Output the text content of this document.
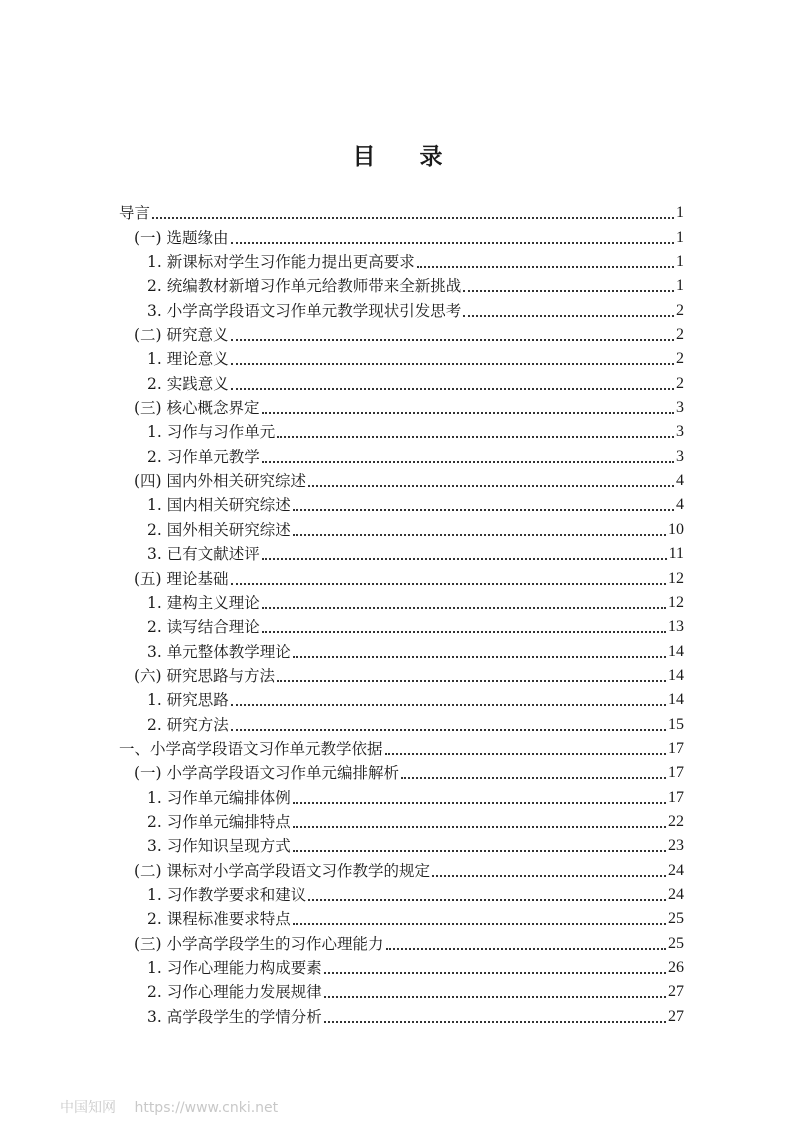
目 录
导言	1
(一) 选题缘由	1
1. 新课标对学生习作能力提出更高要求	1
2. 统编教材新增习作单元给教师带来全新挑战	1
3. 小学高学段语文习作单元教学现状引发思考	2
(二) 研究意义	2
1. 理论意义	2
2. 实践意义	2
(三) 核心概念界定	3
1. 习作与习作单元	3
2. 习作单元教学	3
(四) 国内外相关研究综述	4
1. 国内相关研究综述	4
2. 国外相关研究综述	10
3. 已有文献述评	11
(五) 理论基础	12
1. 建构主义理论	12
2. 读写结合理论	13
3. 单元整体教学理论	14
(六) 研究思路与方法	14
1. 研究思路	14
2. 研究方法	15
一、小学高学段语文习作单元教学依据	17
(一) 小学高学段语文习作单元编排解析	17
1. 习作单元编排体例	17
2. 习作单元编排特点	22
3. 习作知识呈现方式	23
(二) 课标对小学高学段语文习作教学的规定	24
1. 习作教学要求和建议	24
2. 课程标准要求特点	25
(三) 小学高学段学生的习作心理能力	25
1. 习作心理能力构成要素	26
2. 习作心理能力发展规律	27
3. 高学段学生的学情分析	27
中国知网 https://www.cnki.net
